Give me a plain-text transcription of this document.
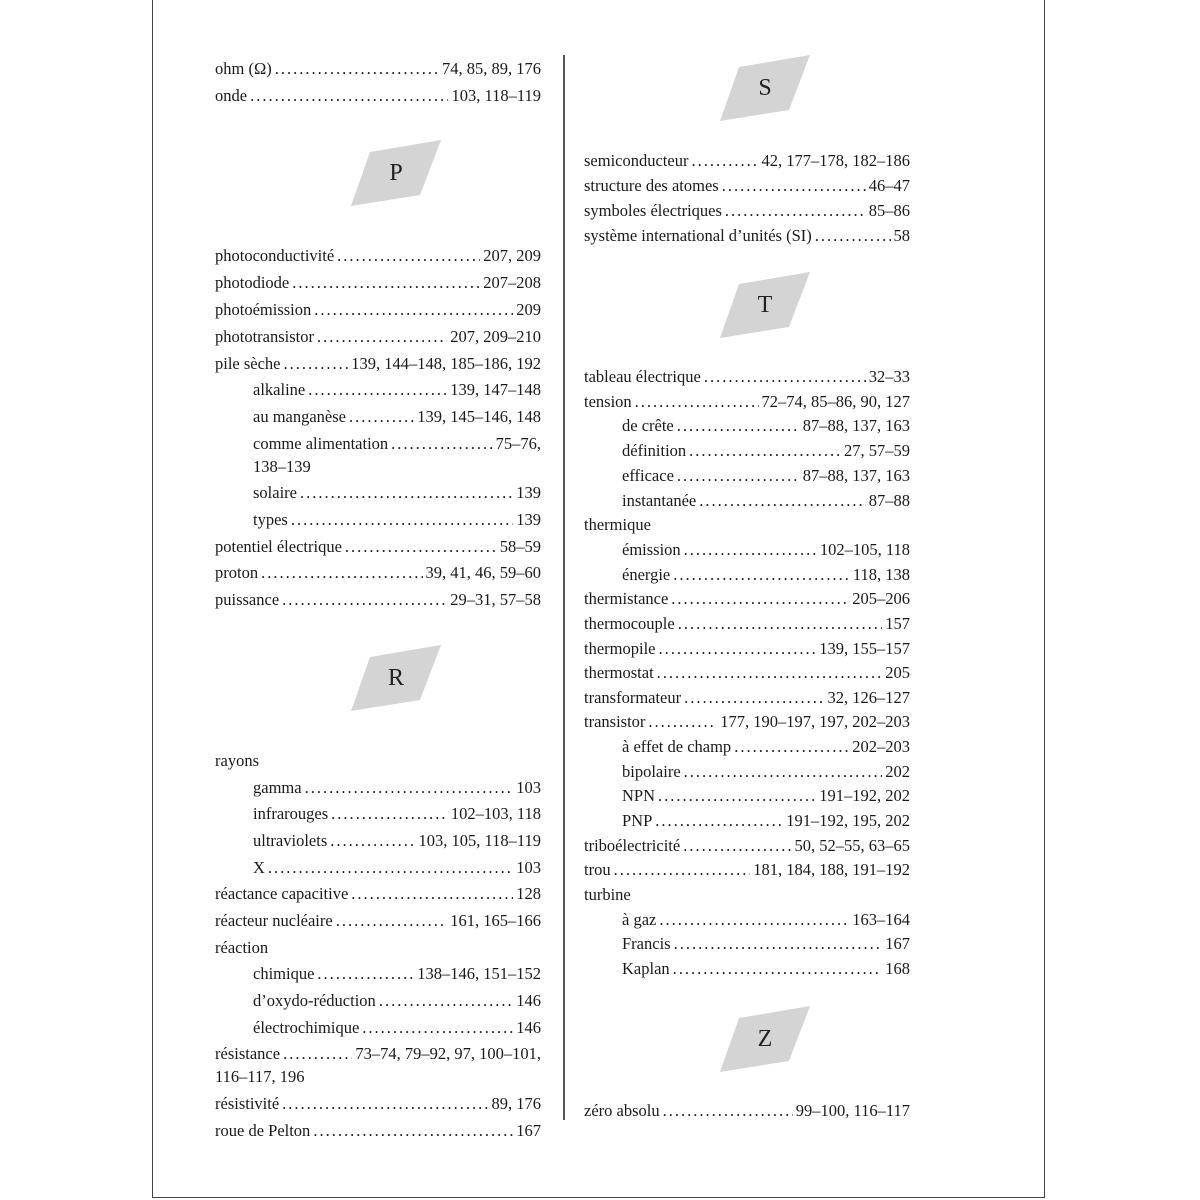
ohm (Ω) .....	74, 85, 89, 176
onde .....	103, 118–119
P
photoconductivité .....	207, 209
photodiode .....	207–208
photoémission .....	209
phototransistor .....	207, 209–210
pile sèche .....	139, 144–148, 185–186, 192
alkaline .....	139, 147–148
au manganèse .....	139, 145–146, 148
comme alimentation .....	75–76,
138–139
solaire .....	139
types .....	139
potentiel électrique .....	58–59
proton .....	39, 41, 46, 59–60
puissance .....	29–31, 57–58
R
rayons
gamma .....	103
infrarouges .....	102–103, 118
ultraviolets .....	103, 105, 118–119
X .....	103
réactance capacitive .....	128
réacteur nucléaire .....	161, 165–166
réaction
chimique .....	138–146, 151–152
d’oxydo-réduction .....	146
électrochimique .....	146
résistance .....	73–74, 79–92, 97, 100–101,
116–117, 196
résistivité .....	89, 176
roue de Pelton .....	167
S
semiconducteur .....	42, 177–178, 182–186
structure des atomes .....	46–47
symboles électriques .....	85–86
système international d’unités (SI) .....	58
T
tableau électrique .....	32–33
tension .....	72–74, 85–86, 90, 127
de crête .....	87–88, 137, 163
définition .....	27, 57–59
efficace .....	87–88, 137, 163
instantanée .....	87–88
thermique
émission .....	102–105, 118
énergie .....	118, 138
thermistance .....	205–206
thermocouple .....	157
thermopile .....	139, 155–157
thermostat .....	205
transformateur .....	32, 126–127
transistor .....	177, 190–197, 197, 202–203
à effet de champ .....	202–203
bipolaire .....	202
NPN .....	191–192, 202
PNP .....	191–192, 195, 202
triboélectricité .....	50, 52–55, 63–65
trou .....	181, 184, 188, 191–192
turbine
à gaz .....	163–164
Francis .....	167
Kaplan .....	168
Z
zéro absolu .....	99–100, 116–117
